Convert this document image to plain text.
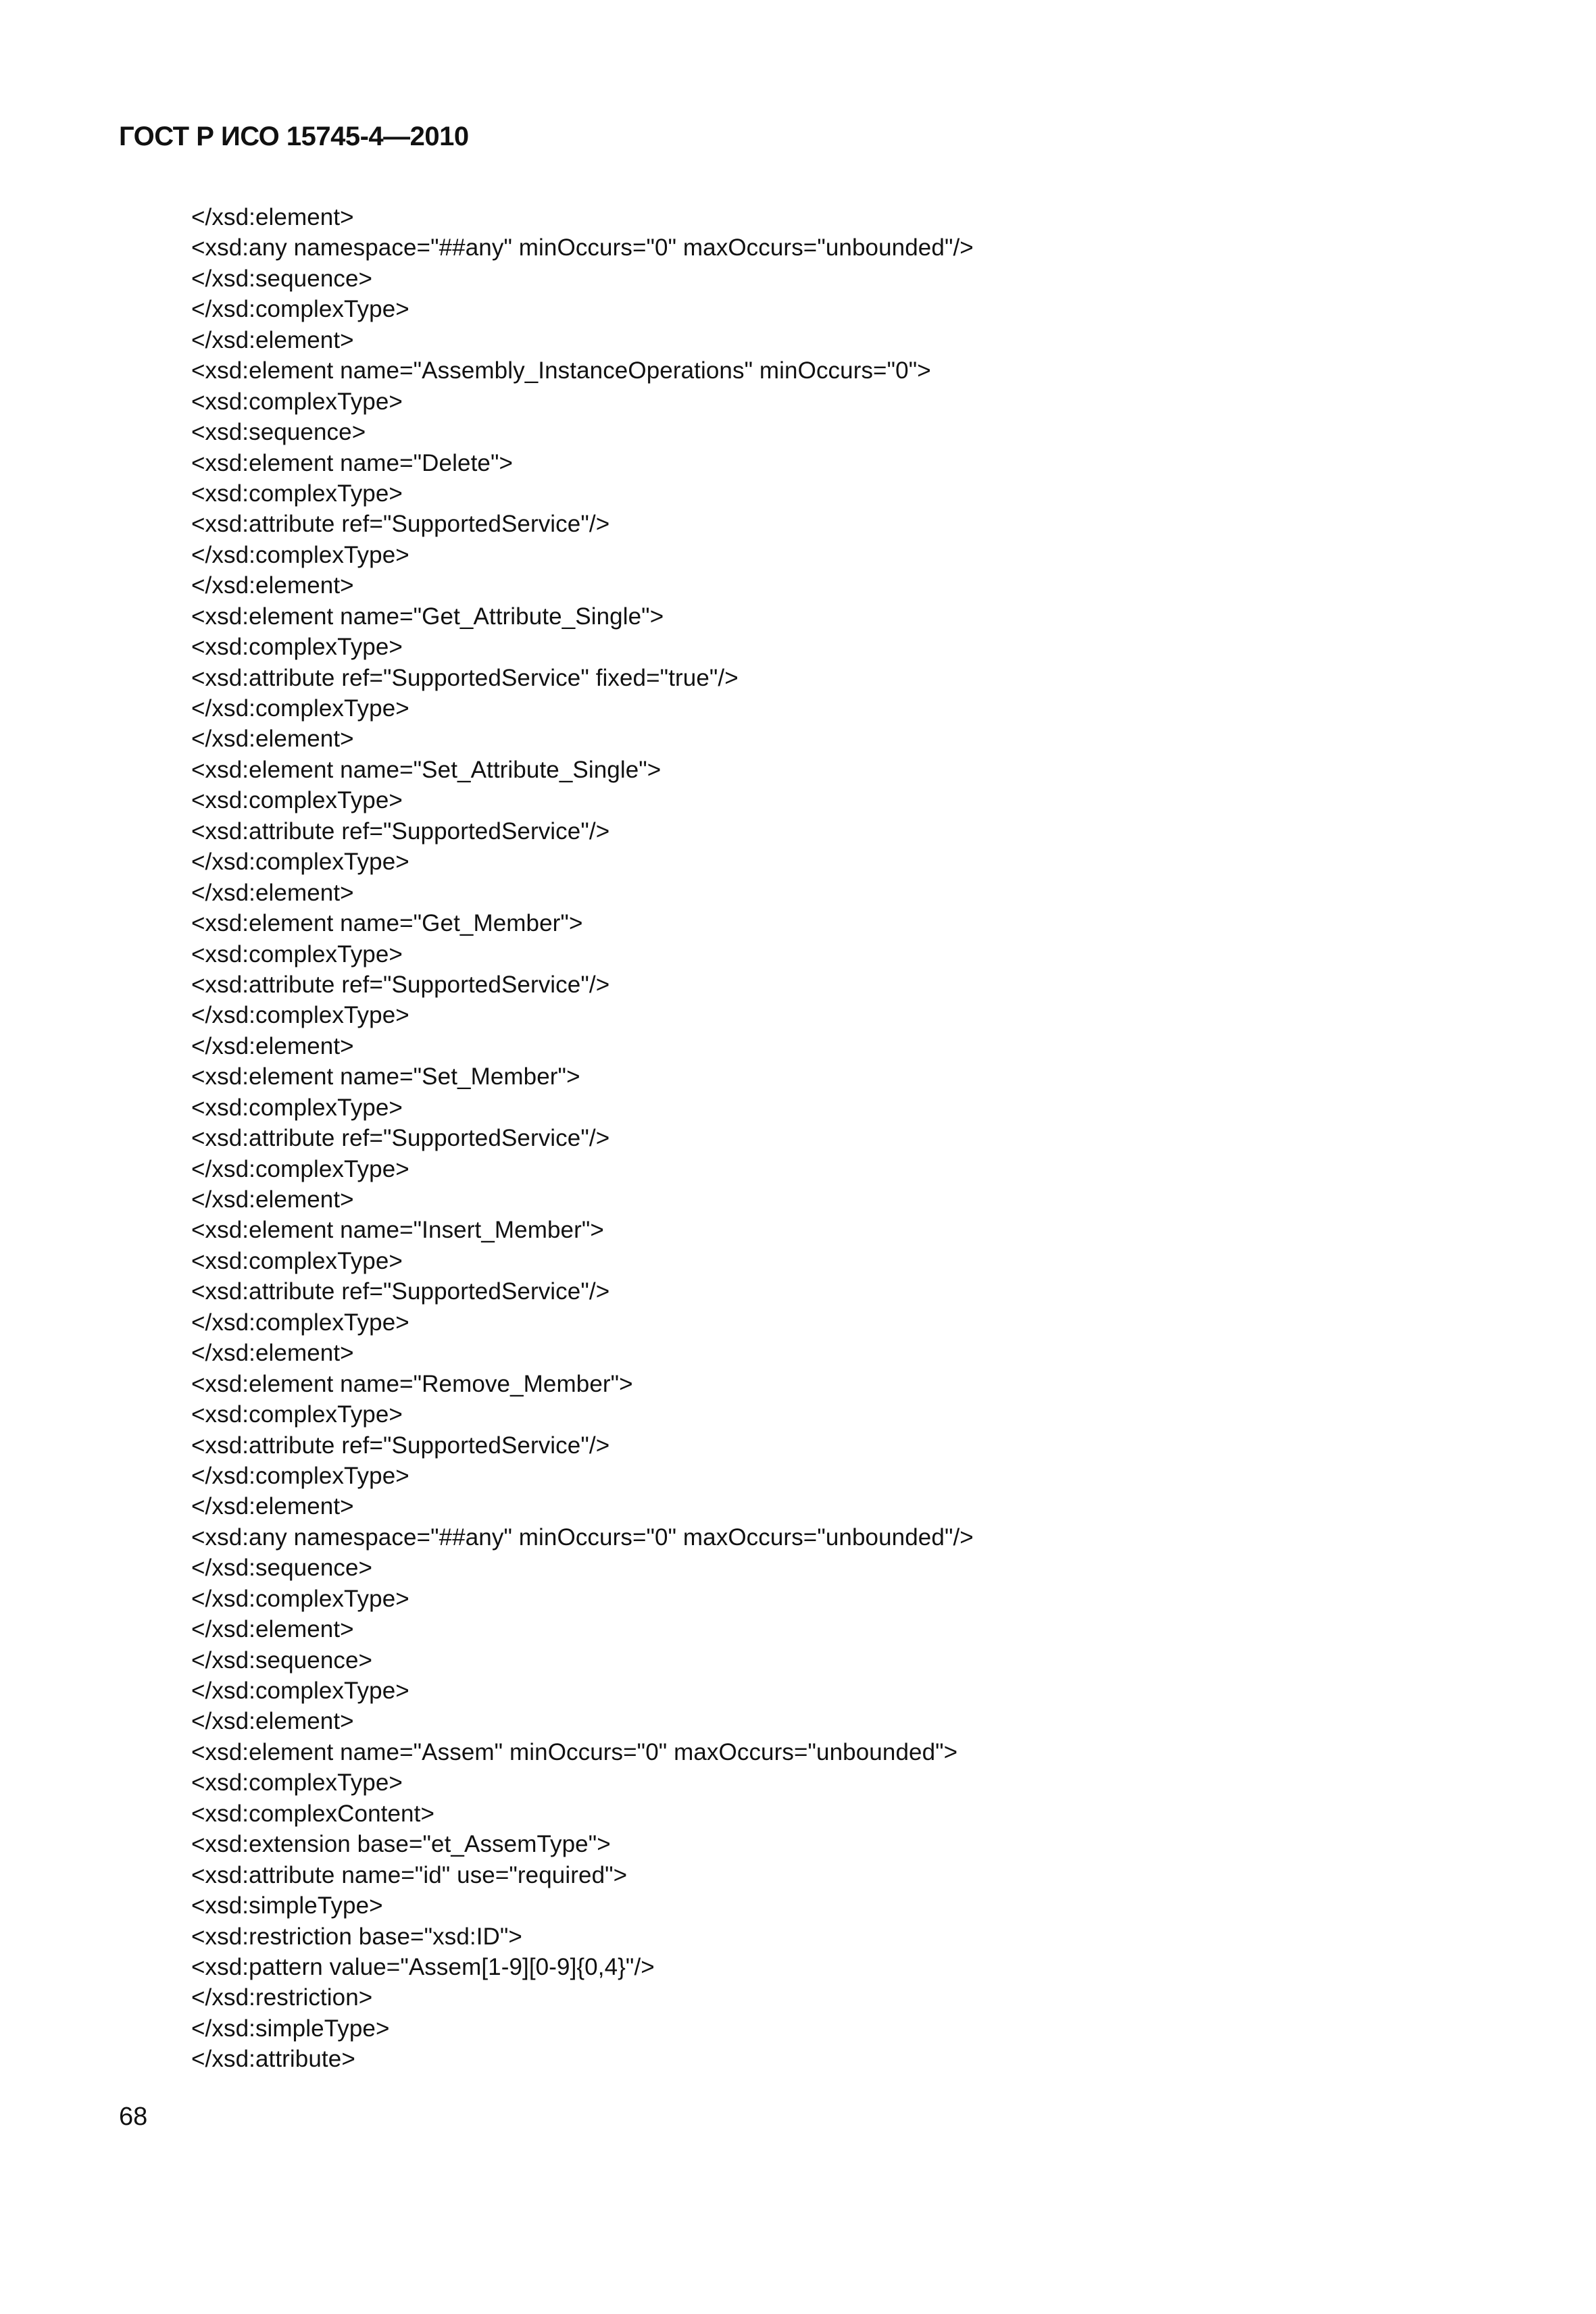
ГОСТ Р ИСО 15745-4—2010
</xsd:element>
<xsd:any namespace="##any" minOccurs="0" maxOccurs="unbounded"/>
</xsd:sequence>
</xsd:complexType>
</xsd:element>
<xsd:element name="Assembly_InstanceOperations" minOccurs="0">
<xsd:complexType>
<xsd:sequence>
<xsd:element name="Delete">
<xsd:complexType>
<xsd:attribute ref="SupportedService"/>
</xsd:complexType>
</xsd:element>
<xsd:element name="Get_Attribute_Single">
<xsd:complexType>
<xsd:attribute ref="SupportedService" fixed="true"/>
</xsd:complexType>
</xsd:element>
<xsd:element name="Set_Attribute_Single">
<xsd:complexType>
<xsd:attribute ref="SupportedService"/>
</xsd:complexType>
</xsd:element>
<xsd:element name="Get_Member">
<xsd:complexType>
<xsd:attribute ref="SupportedService"/>
</xsd:complexType>
</xsd:element>
<xsd:element name="Set_Member">
<xsd:complexType>
<xsd:attribute ref="SupportedService"/>
</xsd:complexType>
</xsd:element>
<xsd:element name="Insert_Member">
<xsd:complexType>
<xsd:attribute ref="SupportedService"/>
</xsd:complexType>
</xsd:element>
<xsd:element name="Remove_Member">
<xsd:complexType>
<xsd:attribute ref="SupportedService"/>
</xsd:complexType>
</xsd:element>
<xsd:any namespace="##any" minOccurs="0" maxOccurs="unbounded"/>
</xsd:sequence>
</xsd:complexType>
</xsd:element>
</xsd:sequence>
</xsd:complexType>
</xsd:element>
<xsd:element name="Assem" minOccurs="0" maxOccurs="unbounded">
<xsd:complexType>
<xsd:complexContent>
<xsd:extension base="et_AssemType">
<xsd:attribute name="id" use="required">
<xsd:simpleType>
<xsd:restriction base="xsd:ID">
<xsd:pattern value="Assem[1-9][0-9]{0,4}"/>
</xsd:restriction>
</xsd:simpleType>
</xsd:attribute>
68
